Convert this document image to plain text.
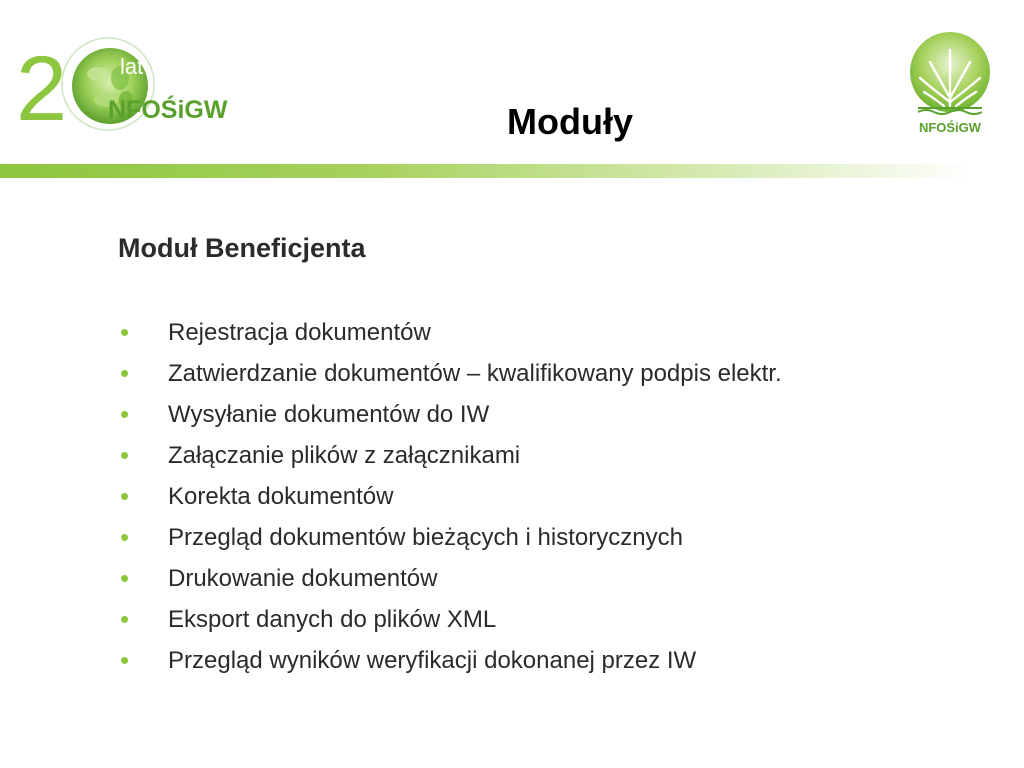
2 lat
NFOŚiGW	Moduły	NFOŚiGW
Moduł Beneficjenta
• Rejestracja dokumentów
• Zatwierdzanie dokumentów – kwalifikowany podpis elektr.
• Wysyłanie dokumentów do IW
• Załączanie plików z załącznikami
• Korekta dokumentów
• Przegląd dokumentów bieżących i historycznych
• Drukowanie dokumentów
• Eksport danych do plików XML
• Przegląd wyników weryfikacji dokonanej przez IW
